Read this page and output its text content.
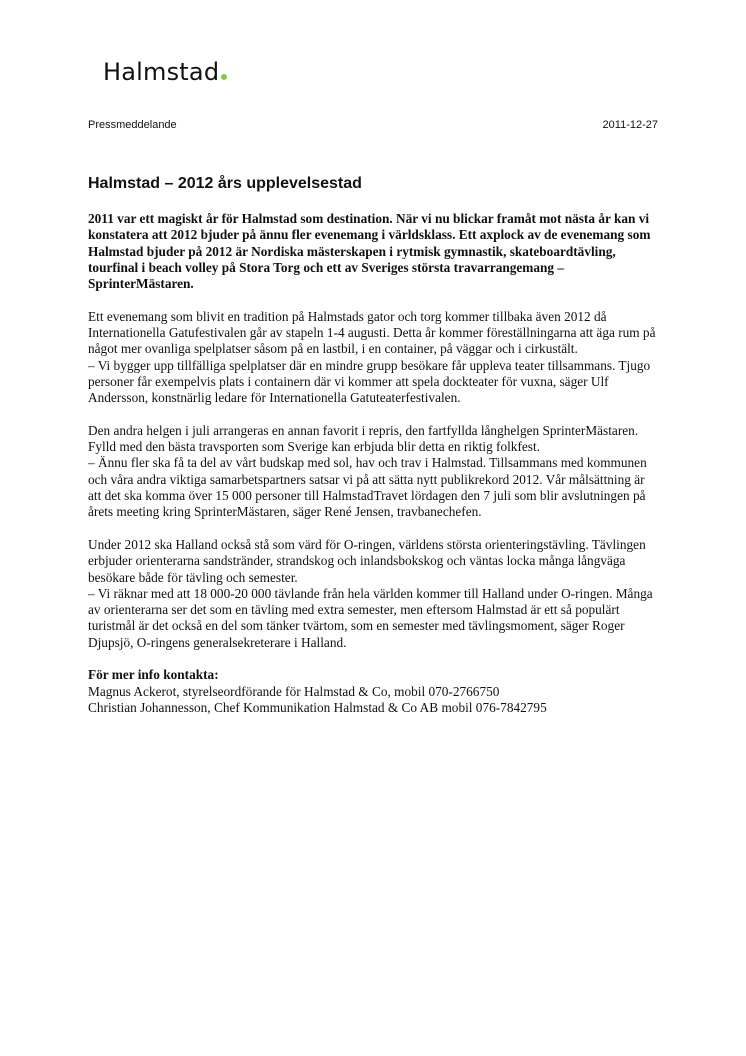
Halmstad
Pressmeddelande	2011-12-27
Halmstad – 2012 års upplevelsestad

2011 var ett magiskt år för Halmstad som destination. När vi nu blickar framåt mot nästa år kan vi konstatera att 2012 bjuder på ännu fler evenemang i världsklass. Ett axplock av de evenemang som Halmstad bjuder på 2012 är Nordiska mästerskapen i rytmisk gymnastik, skateboardtävling, tourfinal i beach volley på Stora Torg och ett av Sveriges största travarrangemang – SprinterMästaren.

Ett evenemang som blivit en tradition på Halmstads gator och torg kommer tillbaka även 2012 då Internationella Gatufestivalen går av stapeln 1-4 augusti. Detta år kommer föreställningarna att äga rum på något mer ovanliga spelplatser såsom på en lastbil, i en container, på väggar och i cirkustält.

– Vi bygger upp tillfälliga spelplatser där en mindre grupp besökare får uppleva teater tillsammans. Tjugo personer får exempelvis plats i containern där vi kommer att spela dockteater för vuxna, säger Ulf Andersson, konstnärlig ledare för Internationella Gatuteaterfestivalen.

Den andra helgen i juli arrangeras en annan favorit i repris, den fartfyllda långhelgen SprinterMästaren. Fylld med den bästa travsporten som Sverige kan erbjuda blir detta en riktig folkfest.

– Ännu fler ska få ta del av vårt budskap med sol, hav och trav i Halmstad. Tillsammans med kommunen och våra andra viktiga samarbetspartners satsar vi på att sätta nytt publikrekord 2012. Vår målsättning är att det ska komma över 15 000 personer till HalmstadTravet lördagen den 7 juli som blir avslutningen på årets meeting kring SprinterMästaren, säger René Jensen, travbanechefen.

Under 2012 ska Halland också stå som värd för O-ringen, världens största orienteringstävling. Tävlingen erbjuder orienterarna sandstränder, strandskog och inlandsbokskog och väntas locka många långväga besökare både för tävling och semester.

– Vi räknar med att 18 000-20 000 tävlande från hela världen kommer till Halland under O-ringen. Många av orienterarna ser det som en tävling med extra semester, men eftersom Halmstad är ett så populärt turistmål är det också en del som tänker tvärtom, som en semester med tävlingsmoment, säger Roger Djupsjö, O-ringens generalsekreterare i Halland.

För mer info kontakta:

Magnus Ackerot, styrelseordförande för Halmstad & Co, mobil 070-2766750

Christian Johannesson, Chef Kommunikation Halmstad & Co AB mobil 076-7842795
